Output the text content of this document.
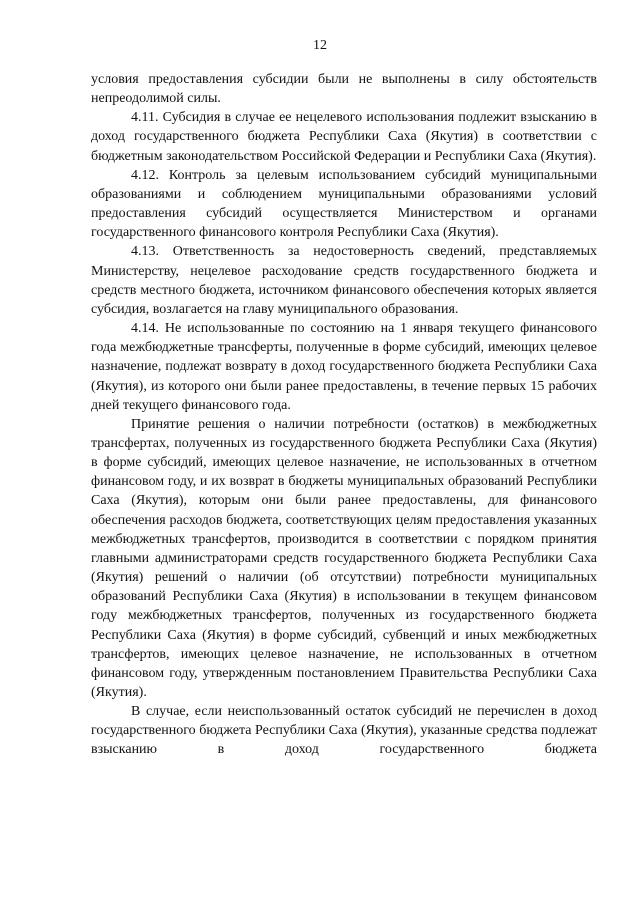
12

условия предоставления субсидии были не выполнены в силу обстоятельств непреодолимой силы.

4.11. Субсидия в случае ее нецелевого использования подлежит взысканию в доход государственного бюджета Республики Саха (Якутия) в соответствии с бюджетным законодательством Российской Федерации и Республики Саха (Якутия).

4.12. Контроль за целевым использованием субсидий муниципальными образованиями и соблюдением муниципальными образованиями условий предоставления субсидий осуществляется Министерством и органами государственного финансового контроля Республики Саха (Якутия).

4.13. Ответственность за недостоверность сведений, представляемых Министерству, нецелевое расходование средств государственного бюджета и средств местного бюджета, источником финансового обеспечения которых является субсидия, возлагается на главу муниципального образования.

4.14. Не использованные по состоянию на 1 января текущего финансового года межбюджетные трансферты, полученные в форме субсидий, имеющих целевое назначение, подлежат возврату в доход государственного бюджета Республики Саха (Якутия), из которого они были ранее предоставлены, в течение первых 15 рабочих дней текущего финансового года.

Принятие решения о наличии потребности (остатков) в межбюджетных трансфертах, полученных из государственного бюджета Республики Саха (Якутия) в форме субсидий, имеющих целевое назначение, не использованных в отчетном финансовом году, и их возврат в бюджеты муниципальных образований Республики Саха (Якутия), которым они были ранее предоставлены, для финансового обеспечения расходов бюджета, соответствующих целям предоставления указанных межбюджетных трансфертов, производится в соответствии с порядком принятия главными администраторами средств государственного бюджета Республики Саха (Якутия) решений о наличии (об отсутствии) потребности муниципальных образований Республики Саха (Якутия) в использовании в текущем финансовом году межбюджетных трансфертов, полученных из государственного бюджета Республики Саха (Якутия) в форме субсидий, субвенций и иных межбюджетных трансфертов, имеющих целевое назначение, не использованных в отчетном финансовом году, утвержденным постановлением Правительства Республики Саха (Якутия).

В случае, если неиспользованный остаток субсидий не перечислен в доход государственного бюджета Республики Саха (Якутия), указанные средства подлежат взысканию в доход государственного бюджета
